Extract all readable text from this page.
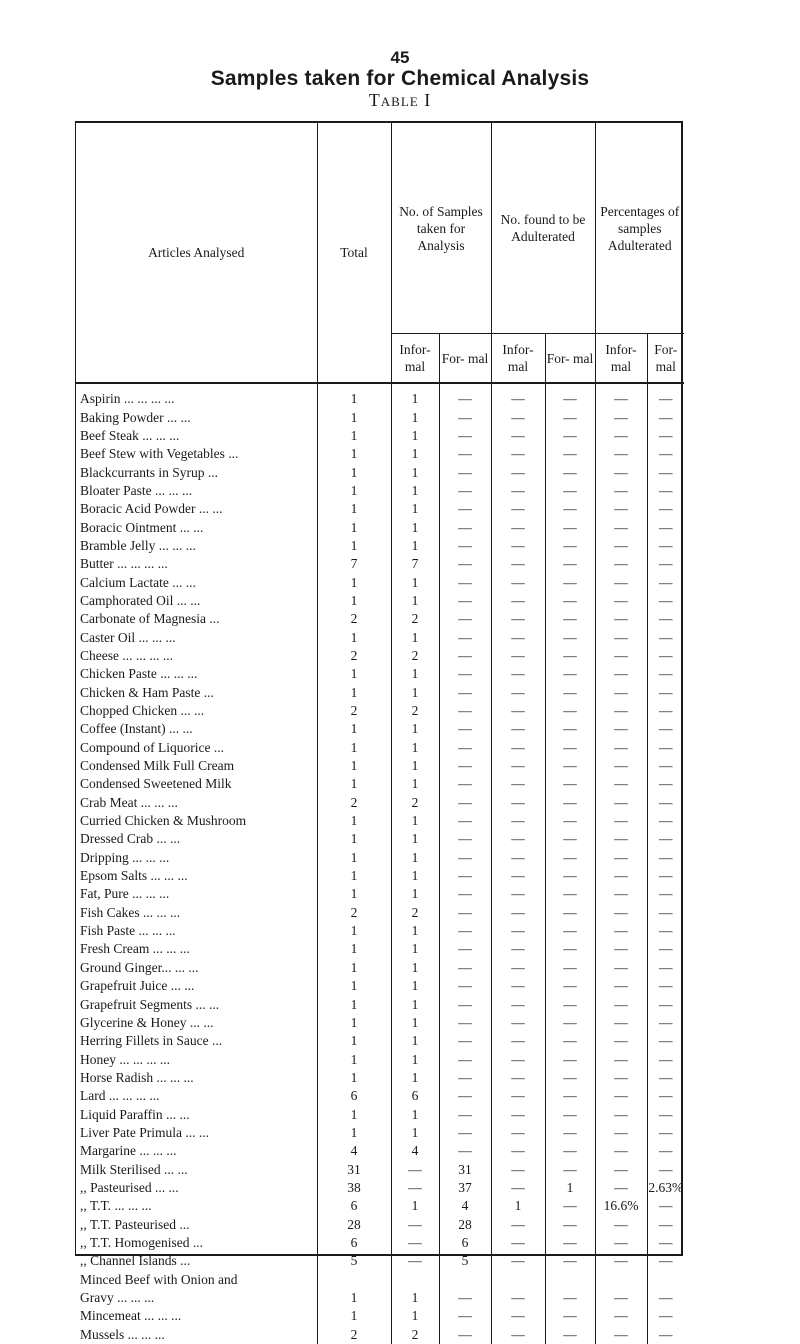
45
Samples taken for Chemical Analysis
Table I
Articles Analysed	Total	No. of Samples taken for Analysis		No. found to be Adulterated		Percentages of samples Adulterated	
		Infor- mal	For- mal	Infor- mal	For- mal	Infor- mal	For- mal
Aspirin ... ... ... ...	1	1	—	—	—	—	—
Baking Powder ... ...	1	1	—	—	—	—	—
Beef Steak ... ... ...	1	1	—	—	—	—	—
Beef Stew with Vegetables ...	1	1	—	—	—	—	—
Blackcurrants in Syrup ...	1	1	—	—	—	—	—
Bloater Paste ... ... ...	1	1	—	—	—	—	—
Boracic Acid Powder ... ...	1	1	—	—	—	—	—
Boracic Ointment ... ...	1	1	—	—	—	—	—
Bramble Jelly ... ... ...	1	1	—	—	—	—	—
Butter ... ... ... ...	7	7	—	—	—	—	—
Calcium Lactate ... ...	1	1	—	—	—	—	—
Camphorated Oil ... ...	1	1	—	—	—	—	—
Carbonate of Magnesia ...	2	2	—	—	—	—	—
Caster Oil ... ... ...	1	1	—	—	—	—	—
Cheese ... ... ... ...	2	2	—	—	—	—	—
Chicken Paste ... ... ...	1	1	—	—	—	—	—
Chicken & Ham Paste ...	1	1	—	—	—	—	—
Chopped Chicken ... ...	2	2	—	—	—	—	—
Coffee (Instant) ... ...	1	1	—	—	—	—	—
Compound of Liquorice ...	1	1	—	—	—	—	—
Condensed Milk Full Cream	1	1	—	—	—	—	—
Condensed Sweetened Milk	1	1	—	—	—	—	—
Crab Meat ... ... ...	2	2	—	—	—	—	—
Curried Chicken & Mushroom	1	1	—	—	—	—	—
Dressed Crab ... ...	1	1	—	—	—	—	—
Dripping ... ... ...	1	1	—	—	—	—	—
Epsom Salts ... ... ...	1	1	—	—	—	—	—
Fat, Pure ... ... ...	1	1	—	—	—	—	—
Fish Cakes ... ... ...	2	2	—	—	—	—	—
Fish Paste ... ... ...	1	1	—	—	—	—	—
Fresh Cream ... ... ...	1	1	—	—	—	—	—
Ground Ginger... ... ...	1	1	—	—	—	—	—
Grapefruit Juice ... ...	1	1	—	—	—	—	—
Grapefruit Segments ... ...	1	1	—	—	—	—	—
Glycerine & Honey ... ...	1	1	—	—	—	—	—
Herring Fillets in Sauce ...	1	1	—	—	—	—	—
Honey ... ... ... ...	1	1	—	—	—	—	—
Horse Radish ... ... ...	1	1	—	—	—	—	—
Lard ... ... ... ...	6	6	—	—	—	—	—
Liquid Paraffin ... ...	1	1	—	—	—	—	—
Liver Pate Primula ... ...	1	1	—	—	—	—	—
Margarine ... ... ...	4	4	—	—	—	—	—
Milk Sterilised ... ...	31	—	31	—	—	—	—
,, Pasteurised ... ...	38	—	37	—	1	—	2.63%
,, T.T. ... ... ...	6	1	4	1	—	16.6%	—
,, T.T. Pasteurised ...	28	—	28	—	—	—	—
,, T.T. Homogenised ...	6	—	6	—	—	—	—
,, Channel Islands ...	5	—	5	—	—	—	—
Minced Beef with Onion and							
Gravy ... ... ...	1	1	—	—	—	—	—
Mincemeat ... ... ...	1	1	—	—	—	—	—
Mussels ... ... ...	2	2	—	—	—	—	—
